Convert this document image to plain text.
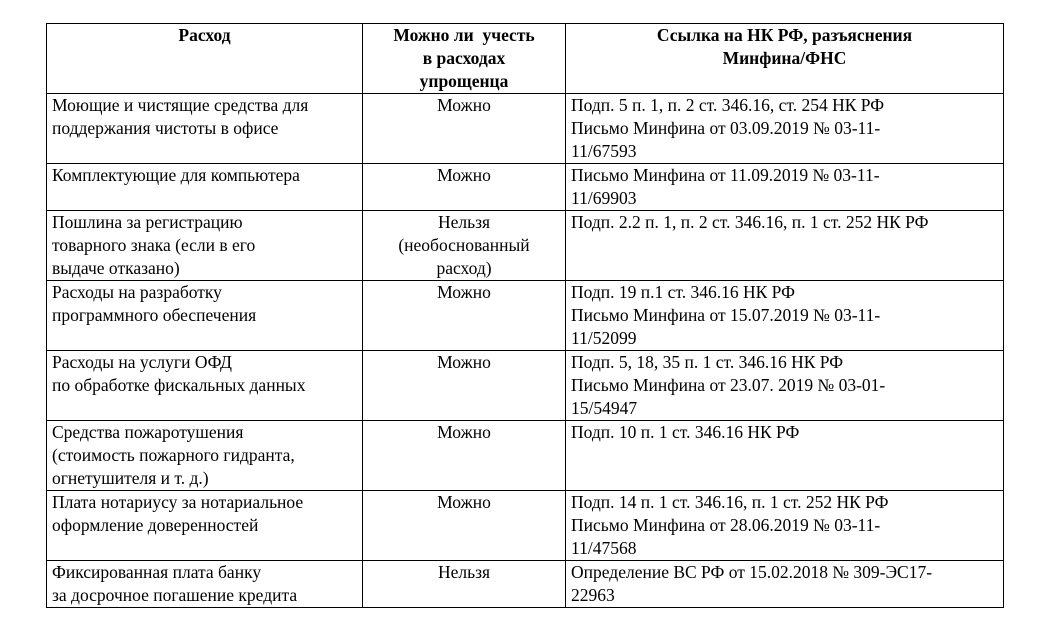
Расход	Можно ли  учесть
в расходах
упрощенца	Ссылка на НК РФ, разъяснения
Минфина/ФНС

Моющие и чистящие средства для
поддержания чистоты в офисе	Можно	Подп. 5 п. 1, п. 2 ст. 346.16, ст. 254 НК РФ
Письмо Минфина от 03.09.2019 № 03-11-
11/67593

Комплектующие для компьютера	Можно	Письмо Минфина от 11.09.2019 № 03-11-
11/69903

Пошлина за регистрацию
товарного знака (если в его
выдаче отказано)	Нельзя
(необоснованный
расход)	Подп. 2.2 п. 1, п. 2 ст. 346.16, п. 1 ст. 252 НК РФ

Расходы на разработку
программного обеспечения	Можно	Подп. 19 п.1 ст. 346.16 НК РФ
Письмо Минфина от 15.07.2019 № 03-11-
11/52099

Расходы на услуги ОФД
по обработке фискальных данных	Можно	Подп. 5, 18, 35 п. 1 ст. 346.16 НК РФ
Письмо Минфина от 23.07. 2019 № 03-01-
15/54947

Средства пожаротушения
(стоимость пожарного гидранта,
огнетушителя и т. д.)	Можно	Подп. 10 п. 1 ст. 346.16 НК РФ

Плата нотариусу за нотариальное
оформление доверенностей	Можно	Подп. 14 п. 1 ст. 346.16, п. 1 ст. 252 НК РФ
Письмо Минфина от 28.06.2019 № 03-11-
11/47568

Фиксированная плата банку
за досрочное погашение кредита	Нельзя	Определение ВС РФ от 15.02.2018 № 309-ЭС17-
22963
